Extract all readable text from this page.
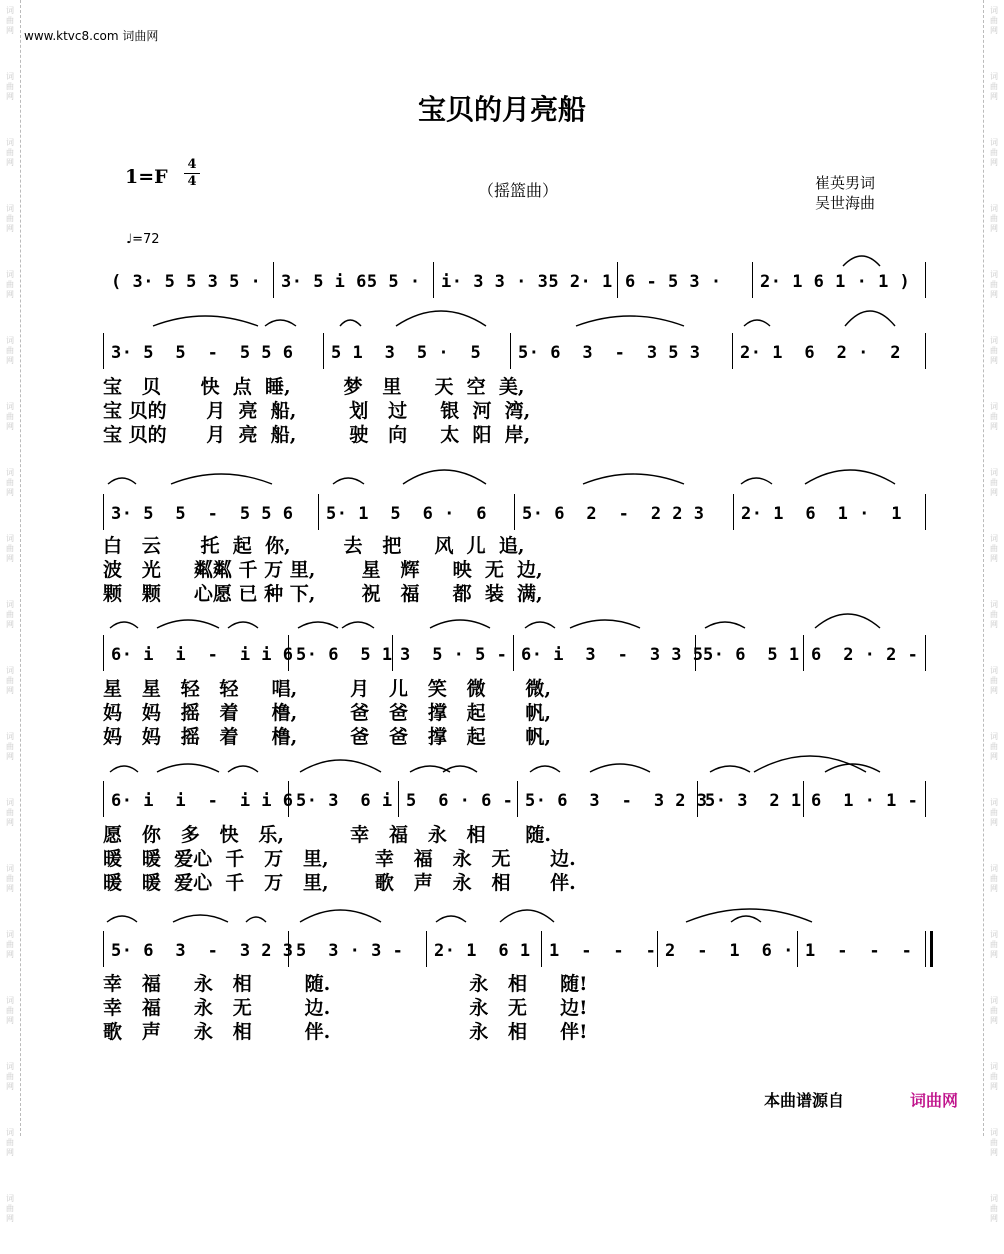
词
曲
网
词
曲
网
词
曲
网
词
曲
网
词
曲
网
词
曲
网
词
曲
网
词
曲
网
词
曲
网
词
曲
网
词
曲
网
词
曲
网
词
曲
网
词
曲
网
词
曲
网
词
曲
网
词
曲
网
词
曲
网
词
曲
网
词
曲
网
词
曲
网
词
曲
网
词
曲
网
词
曲
网
词
曲
网
词
曲
网
词
曲
网
词
曲
网
词
曲
网
词
曲
网
词
曲
网
词
曲
网
词
曲
网
词
曲
网
词
曲
网
词
曲
网
词
曲
网
词
曲
网
www.ktvc8.com 词曲网
宝贝的月亮船
1=F
4
4	（摇篮曲）	崔英男词
吴世海曲
♩=72
( 3· 5 5 3 5 · 3· 5 i 65 5 · i· 3 3 · 35 2· 1 6 - 5 3 · 2· 1 6 1 · 1 )
3· 5  5  -  5 5 6 5 1  3  5 ·  5 5· 6  3  -  3 5 3 2· 1  6  2 ·  2
宝   贝      快  点  睡,        梦   里     天  空  美,
宝 贝的      月  亮  船,        划   过     银  河  湾,
宝 贝的      月  亮  船,        驶   向     太  阳  岸,
3· 5  5  -  5 5 6 5· 1  5  6 ·  6 5· 6  2  -  2 2 3 2· 1  6  1 ·  1
白   云      托  起  你,        去   把     风  儿  追,
波   光     粼粼 千 万 里,       星   辉     映  无  边,
颗   颗     心愿 已 种 下,       祝   福     都  装  满,
6· i  i  -  i i 6 5· 6  5 1 3  5 · 5 - 6· i  3  -  3 3 5 5· 6  5 1 6  2 · 2 -
星   星   轻   轻     唱,        月   儿   笑   微      微,
妈   妈   摇   着     橹,        爸   爸   撑   起      帆,
妈   妈   摇   着     橹,        爸   爸   撑   起      帆,
6· i  i  -  i i 6 5· 3  6 i 5  6 · 6 - 5· 6  3  -  3 2 3
5· 3  2 1 6  1 · 1 -
愿   你   多   快   乐,          幸   福   永   相      随.
暖   暖  爱心  千   万   里,       幸   福   永   无      边.
暖   暖  爱心  千   万   里,       歌   声   永   相      伴.
5· 6  3  -  3 2 3 5  3 · 3 - 2· 1  6 1 1  -  -  - 2  -  1  6 · 1  -  -  -
幸   福     永   相        随.                     永   相     随!
幸   福     永   无        边.                     永   无     边!
歌   声     永   相        伴.                     永   相     伴!
本曲谱源自	词曲网
